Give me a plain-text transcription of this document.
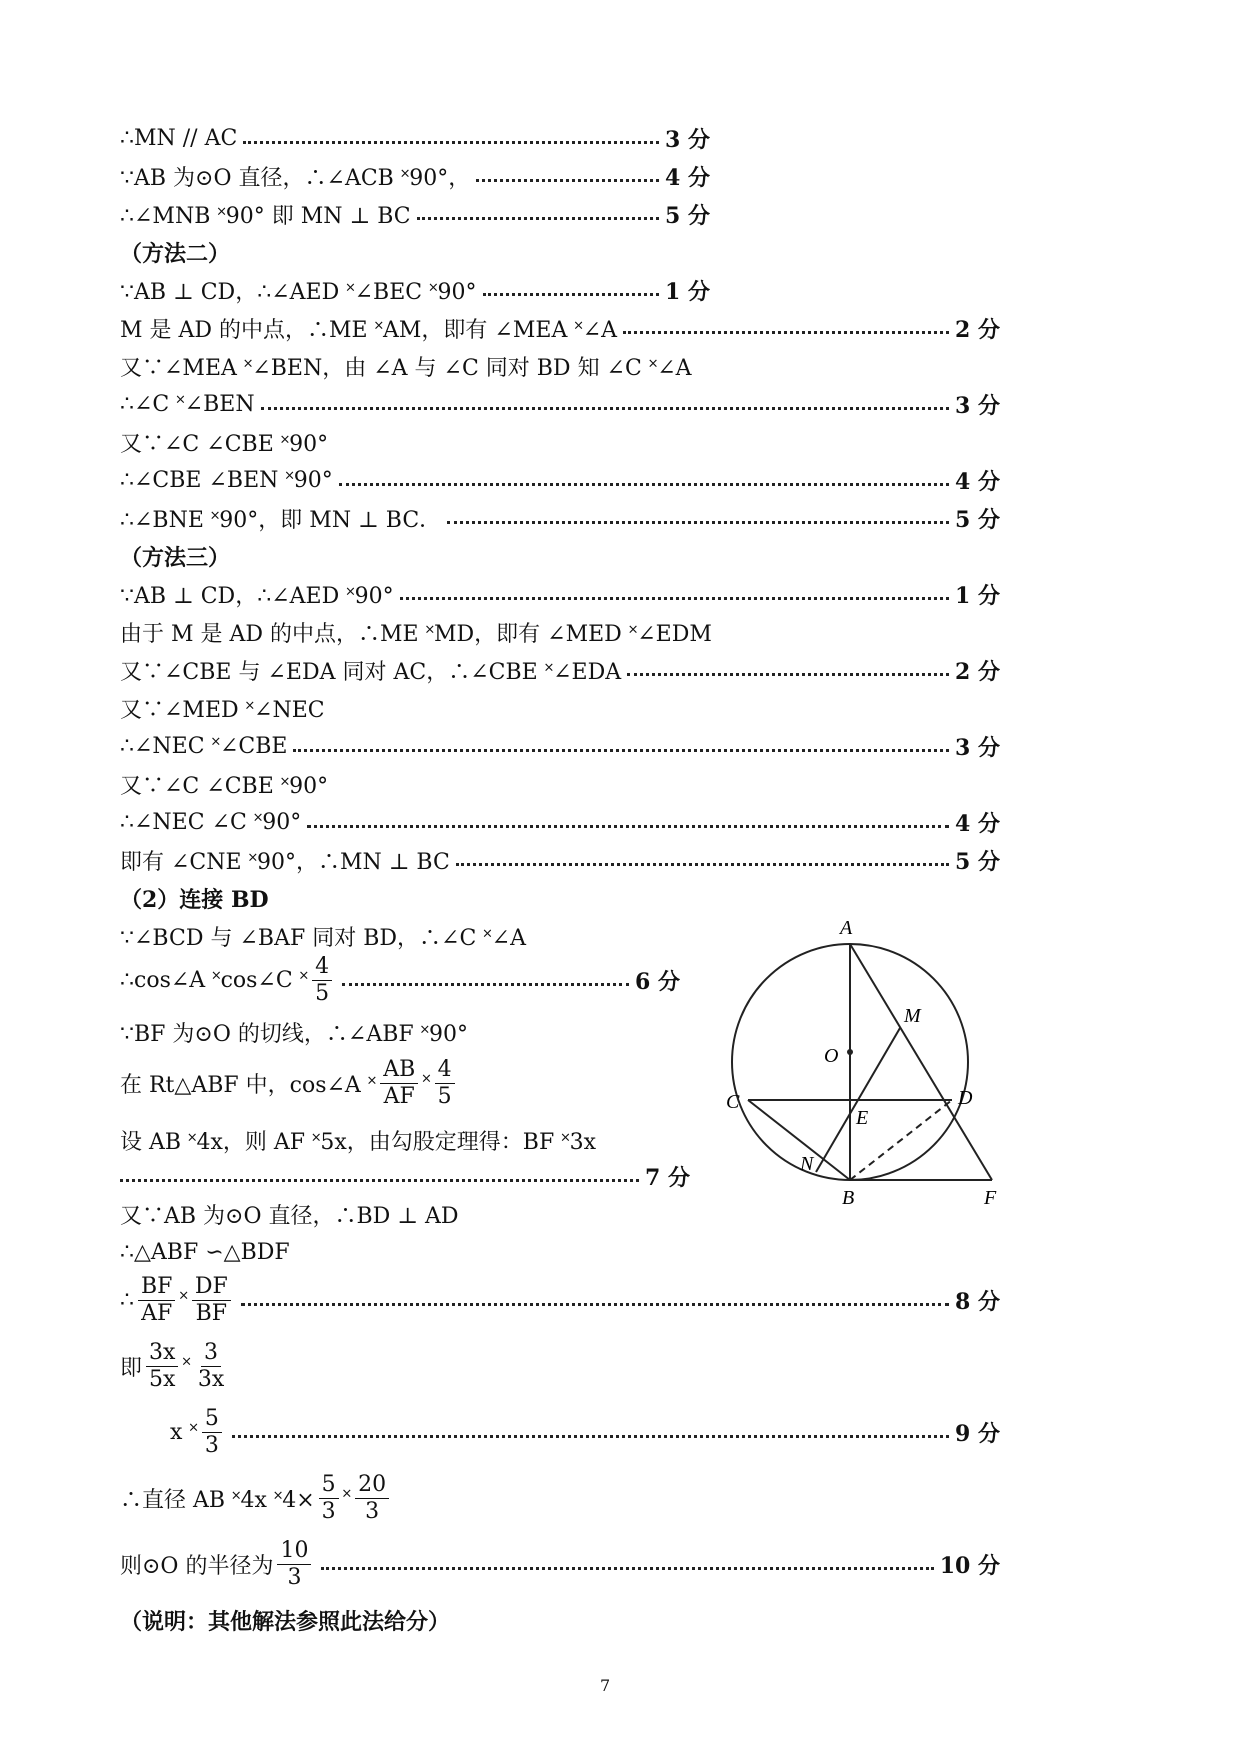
∴MN // AC	3 分
∵AB 为⊙O 直径，∴∠ACB ˟90°，	4 分
∴∠MNB ˟90° 即 MN ⊥ BC	5 分
（方法二）
∵AB ⊥ CD，∴∠AED ˟∠BEC ˟90°	1 分
M 是 AD 的中点，∴ME ˟AM，即有 ∠MEA ˟∠A	2 分
又∵∠MEA ˟∠BEN，由 ∠A 与 ∠C 同对 BD 知 ∠C ˟∠A
∴∠C ˟∠BEN	3 分
又∵∠C ∠CBE ˟90°
∴∠CBE ∠BEN ˟90°	4 分
∴∠BNE ˟90°，即 MN ⊥ BC．	5 分
（方法三）
∵AB ⊥ CD，∴∠AED ˟90°	1 分
由于 M 是 AD 的中点，∴ME ˟MD，即有 ∠MED ˟∠EDM
又∵∠CBE 与 ∠EDA 同对 AC，∴∠CBE ˟∠EDA	2 分
又∵∠MED ˟∠NEC
∴∠NEC ˟∠CBE	3 分
又∵∠C ∠CBE ˟90°
∴∠NEC ∠C ˟90°	4 分
即有 ∠CNE ˟90°，∴MN ⊥ BC	5 分
（2）连接 BD
∵∠BCD 与 ∠BAF 同对 BD，∴∠C ˟∠A
∴cos∠A ˟cos∠C ˟ $\frac{4}{5}$	6 分
∵BF 为⊙O 的切线，∴∠ABF ˟90°
在 Rt△ABF 中，cos∠A ˟ $\frac{AB}{AF}$ ˟ $\frac{4}{5}$
设 AB ˟4x，则 AF ˟5x，由勾股定理得：BF ˟3x
7 分
又∵AB 为⊙O 直径，∴BD ⊥ AD
∴△ABF ∽△BDF
∴ $\frac{BF}{AF}$ ˟ $\frac{DF}{BF}$	8 分
即 $\frac{3x}{5x}$ ˟ $\frac{3}{3x}$
x ˟ $\frac{5}{3}$	9 分
∴直径 AB ˟4x ˟4× $\frac{5}{3}$ ˟ $\frac{20}{3}$
则⊙O 的半径为 $\frac{10}{3}$	10 分
（说明：其他解法参照此法给分）
A
M
O
C	D
E
N
B	F
7
